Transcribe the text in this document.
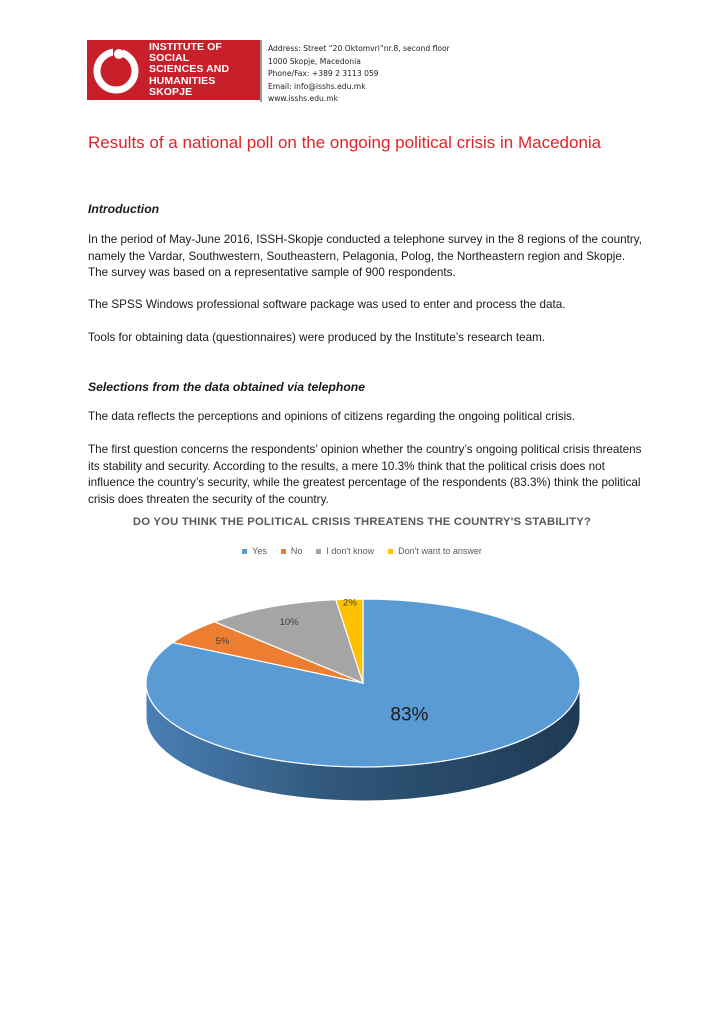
INSTITUTE OF
SOCIAL
SCIENCES AND
HUMANITIES
SKOPJE
Address: Street “20 Oktomvri”nr.8, second floor
1000 Skopje, Macedonia
Phone/Fax: +389 2 3113 059
Email: info@isshs.edu.mk
www.isshs.edu.mk
Results of a national poll on the ongoing political crisis in Macedonia
Introduction

In the period of May-June 2016, ISSH-Skopje conducted a telephone survey in the 8 regions of the country, namely the Vardar, Southwestern, Southeastern, Pelagonia, Polog, the Northeastern region and Skopje. The survey was based on a representative sample of 900 respondents.

The SPSS Windows professional software package was used to enter and process the data.

Tools for obtaining data (questionnaires) were produced by the Institute’s research team.

Selections from the data obtained via telephone

The data reflects the perceptions and opinions of citizens regarding the ongoing political crisis.

The first question concerns the respondents’ opinion whether the country’s ongoing political crisis threatens its stability and security. According to the results, a mere 10.3% think that the political crisis does not influence the country’s security, while the greatest percentage of the respondents (83.3%) think the political crisis does threaten the security of the country.

DO YOU THINK THE POLITICAL CRISIS THREATENS THE COUNTRY'S STABILITY?
Yes	No	I don't know	Don't want to answer
83%
5%
10%
2%
